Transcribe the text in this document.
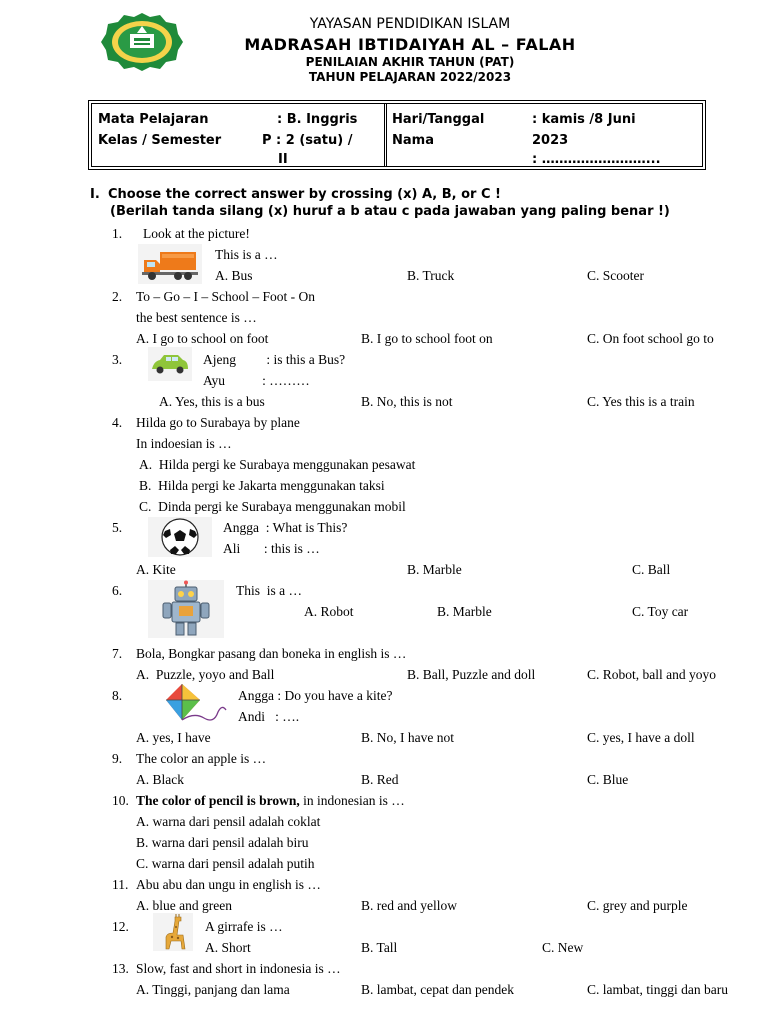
YAYASAN PENDIDIKAN ISLAM
MADRASAH IBTIDAIYAH AL – FALAH
PENILAIAN AKHIR TAHUN (PAT)
TAHUN PELAJARAN 2022/2023
Mata Pelajaran	: B. Inggris
Kelas / Semester	P : 2 (satu) /
II
Hari/Tanggal	: kamis /8 Juni
Nama	2023
: ……………………...
I. Choose the correct answer by crossing (x) A, B, or C !
(Berilah tanda silang (x) huruf a b atau c pada jawaban yang paling benar !)
1. Look at the picture!
This is a …
A. Bus	B. Truck	C. Scooter
2. To – Go – I – School – Foot - On
the best sentence is …
A. I go to school on foot	B. I go to school foot on	C. On foot school go to
3.	Ajeng         : is this a Bus?
Ayu           : ………
A. Yes, this is a bus	B. No, this is not	C. Yes this is a train
4. Hilda go to Surabaya by plane
In indoesian is …
A.  Hilda pergi ke Surabaya menggunakan pesawat
B.  Hilda pergi ke Jakarta menggunakan taksi
C.  Dinda pergi ke Surabaya menggunakan mobil
5.	Angga  : What is This?
Ali       : this is …
A. Kite	B. Marble	C. Ball
6.	This  is a …
A. Robot	B. Marble	C. Toy car
7. Bola, Bongkar pasang dan boneka in english is …
A.  Puzzle, yoyo and Ball	B. Ball, Puzzle and doll	C. Robot, ball and yoyo
8.	Angga : Do you have a kite?
Andi   : ….
A. yes, I have	B. No, I have not	C. yes, I have a doll
9. The color an apple is …
A. Black	B. Red	C. Blue
10. The color of pencil is brown, in indonesian is …
A. warna dari pensil adalah coklat
B. warna dari pensil adalah biru
C. warna dari pensil adalah putih
11. Abu abu dan ungu in english is …
A. blue and green	B. red and yellow	C. grey and purple
12.	A girrafe is …
A. Short	B. Tall	C. New
13. Slow, fast and short in indonesia is …
A. Tinggi, panjang dan lama	B. lambat, cepat dan pendek	C. lambat, tinggi dan baru
